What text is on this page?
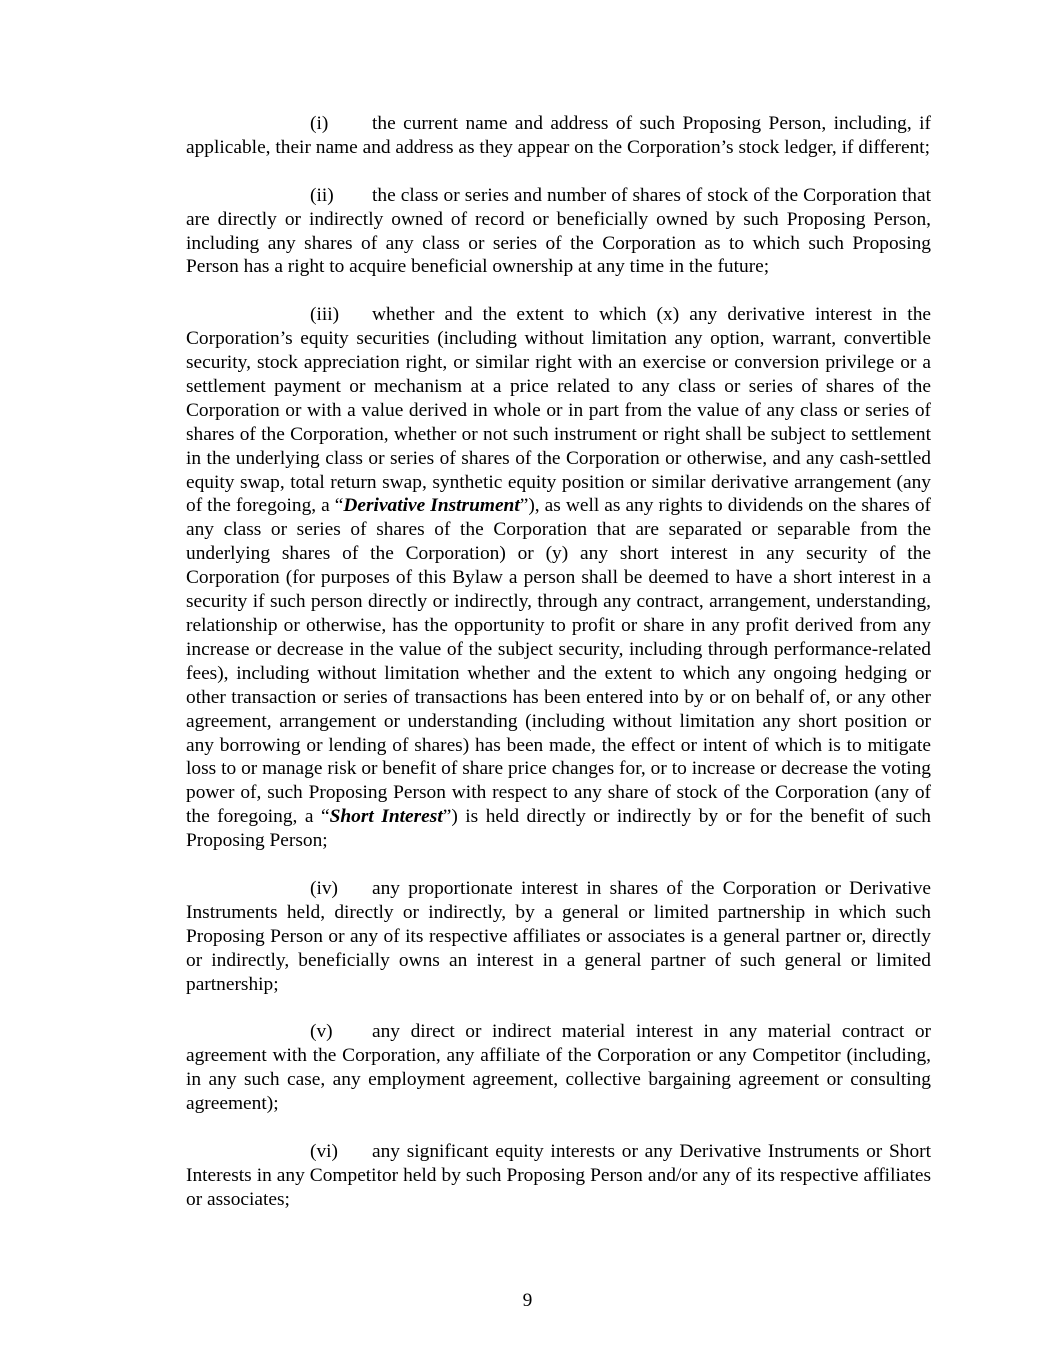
(i) the current name and address of such Proposing Person, including, if applicable, their name and address as they appear on the Corporation’s stock ledger, if different;

(ii) the class or series and number of shares of stock of the Corporation that are directly or indirectly owned of record or beneficially owned by such Proposing Person, including any shares of any class or series of the Corporation as to which such Proposing Person has a right to acquire beneficial ownership at any time in the future;

(iii) whether and the extent to which (x) any derivative interest in the Corporation’s equity securities (including without limitation any option, warrant, convertible security, stock appreciation right, or similar right with an exercise or conversion privilege or a settlement payment or mechanism at a price related to any class or series of shares of the Corporation or with a value derived in whole or in part from the value of any class or series of shares of the Corporation, whether or not such instrument or right shall be subject to settlement in the underlying class or series of shares of the Corporation or otherwise, and any cash-settled equity swap, total return swap, synthetic equity position or similar derivative arrangement (any of the foregoing, a “Derivative Instrument”), as well as any rights to dividends on the shares of any class or series of shares of the Corporation that are separated or separable from the underlying shares of the Corporation) or (y) any short interest in any security of the Corporation (for purposes of this Bylaw a person shall be deemed to have a short interest in a security if such person directly or indirectly, through any contract, arrangement, understanding, relationship or otherwise, has the opportunity to profit or share in any profit derived from any increase or decrease in the value of the subject security, including through performance-related fees), including without limitation whether and the extent to which any ongoing hedging or other transaction or series of transactions has been entered into by or on behalf of, or any other agreement, arrangement or understanding (including without limitation any short position or any borrowing or lending of shares) has been made, the effect or intent of which is to mitigate loss to or manage risk or benefit of share price changes for, or to increase or decrease the voting power of, such Proposing Person with respect to any share of stock of the Corporation (any of the foregoing, a “Short Interest”) is held directly or indirectly by or for the benefit of such Proposing Person;

(iv) any proportionate interest in shares of the Corporation or Derivative Instruments held, directly or indirectly, by a general or limited partnership in which such Proposing Person or any of its respective affiliates or associates is a general partner or, directly or indirectly, beneficially owns an interest in a general partner of such general or limited partnership;

(v) any direct or indirect material interest in any material contract or agreement with the Corporation, any affiliate of the Corporation or any Competitor (including, in any such case, any employment agreement, collective bargaining agreement or consulting agreement);

(vi) any significant equity interests or any Derivative Instruments or Short Interests in any Competitor held by such Proposing Person and/or any of its respective affiliates or associates;

9
